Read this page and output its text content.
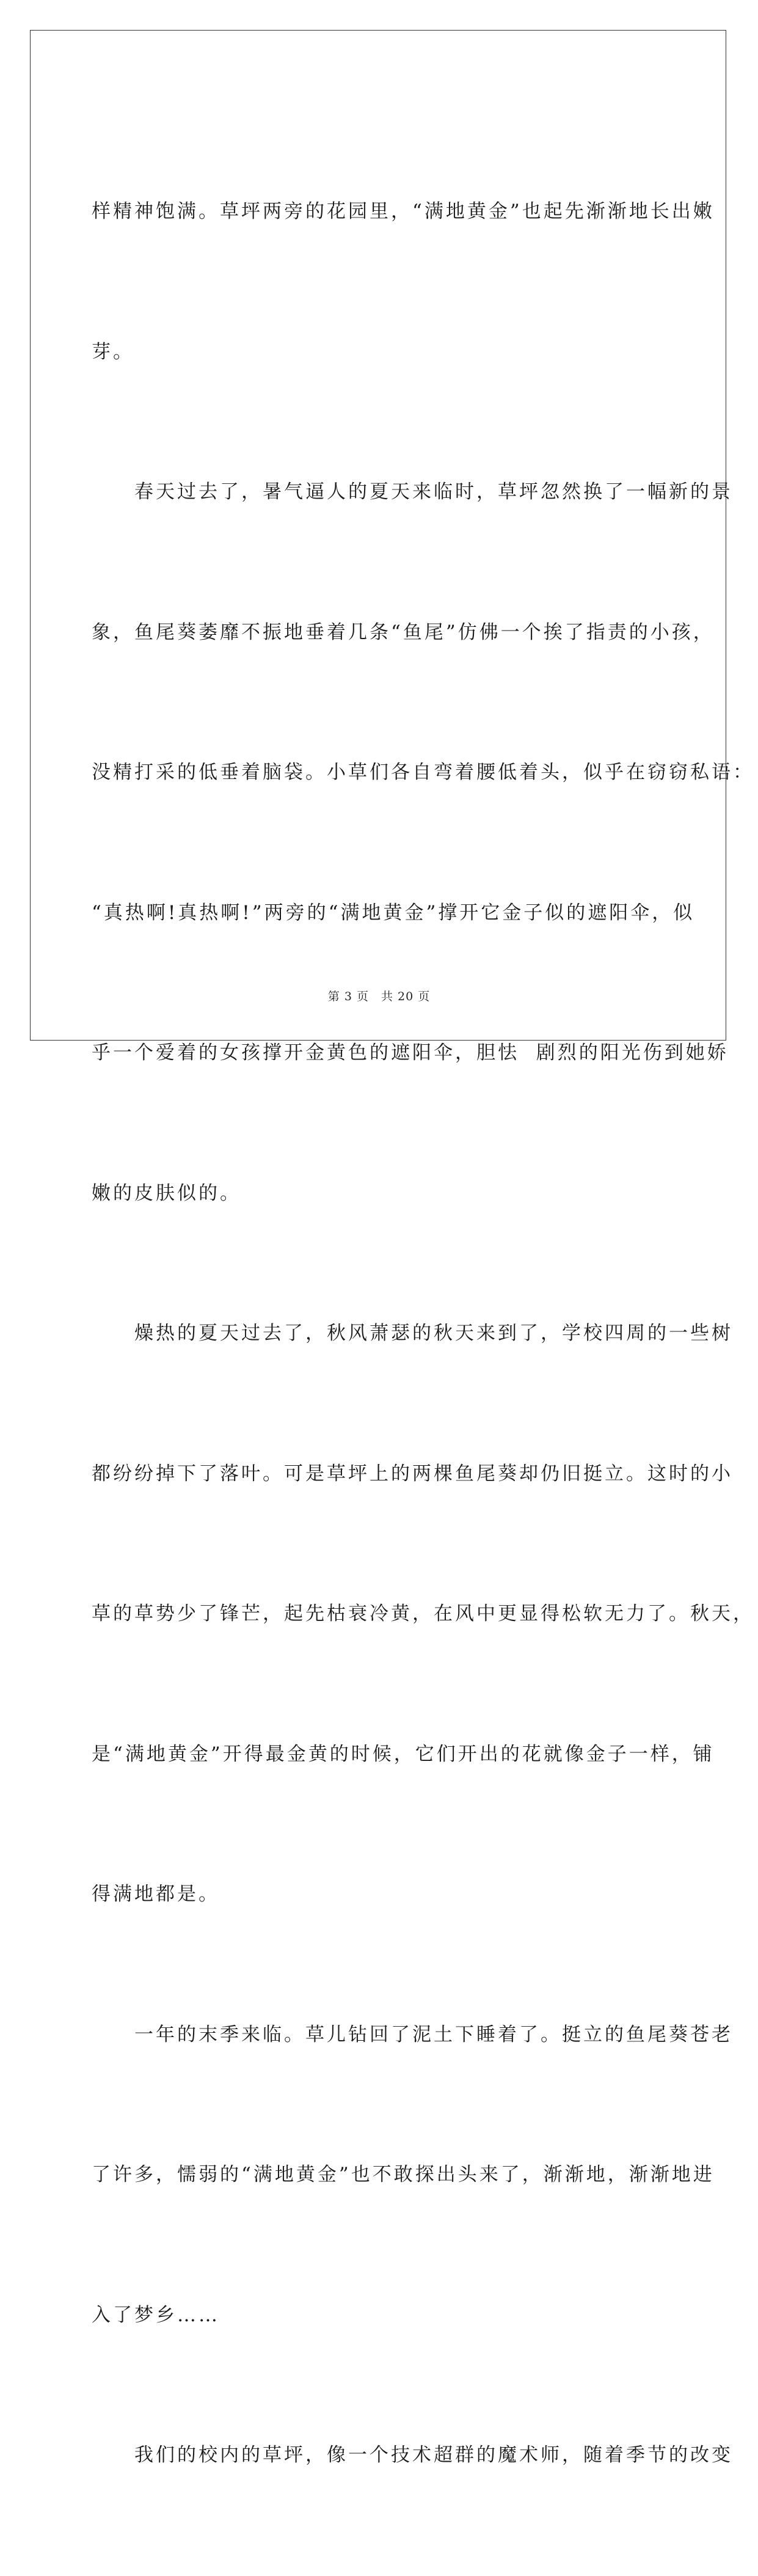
样精神饱满。草坪两旁的花园里，“满地黄金”也起先渐渐地长出嫩

芽。

　　春天过去了，暑气逼人的夏天来临时，草坪忽然换了一幅新的景

象，鱼尾葵萎靡不振地垂着几条“鱼尾”仿佛一个挨了指责的小孩，

没精打采的低垂着脑袋。小草们各自弯着腰低着头，似乎在窃窃私语：

“真热啊!真热啊!”两旁的“满地黄金”撑开它金子似的遮阳伞，似

乎一个爱着的女孩撑开金黄色的遮阳伞，胆怯  剧烈的阳光伤到她娇

嫩的皮肤似的。

　　燥热的夏天过去了，秋风萧瑟的秋天来到了，学校四周的一些树

都纷纷掉下了落叶。可是草坪上的两棵鱼尾葵却仍旧挺立。这时的小

草的草势少了锋芒，起先枯衰冷黄，在风中更显得松软无力了。秋天，

是“满地黄金”开得最金黄的时候，它们开出的花就像金子一样，铺

得满地都是。

　　一年的末季来临。草儿钻回了泥土下睡着了。挺立的鱼尾葵苍老

了许多，懦弱的“满地黄金”也不敢探出头来了，渐渐地，渐渐地进

入了梦乡……

　　我们的校内的草坪，像一个技术超群的魔术师，随着季节的改变

第 3 页　共 20 页
